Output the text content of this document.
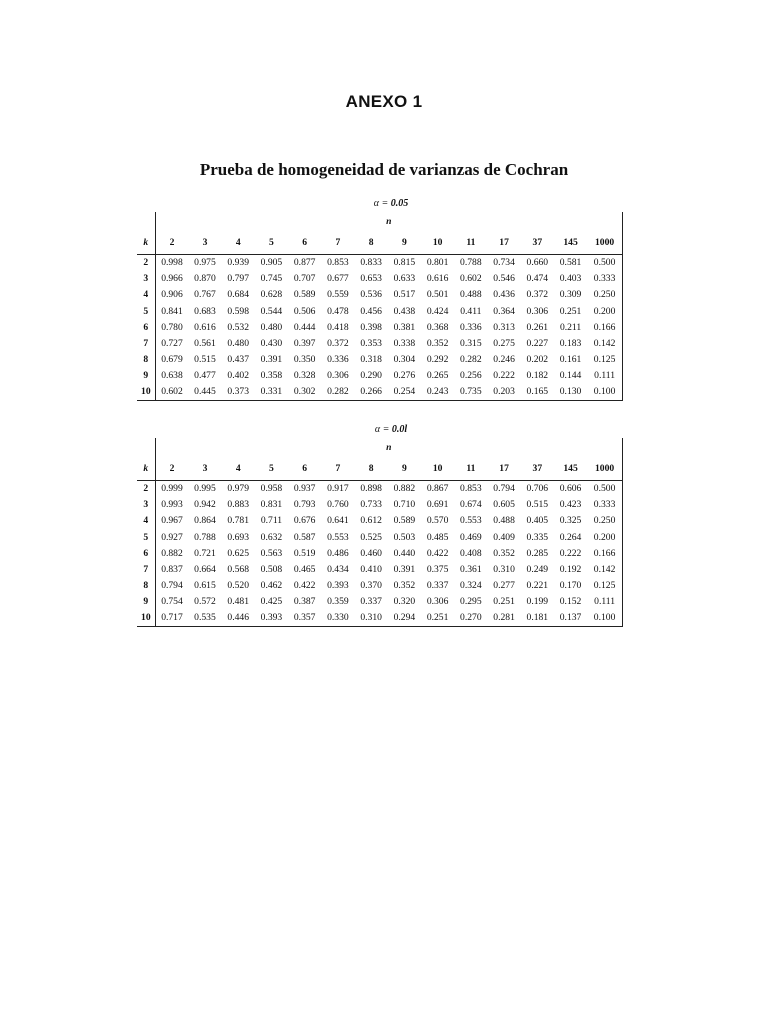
ANEXO 1
Prueba de homogeneidad de varianzas de Cochran
α = 0.05
	n													
k	2	3	4	5	6	7	8	9	10	11	17	37	145	1000
2	0.998	0.975	0.939	0.905	0.877	0.853	0.833	0.815	0.801	0.788	0.734	0.660	0.581	0.500
3	0.966	0.870	0.797	0.745	0.707	0.677	0.653	0.633	0.616	0.602	0.546	0.474	0.403	0.333
4	0.906	0.767	0.684	0.628	0.589	0.559	0.536	0.517	0.501	0.488	0.436	0.372	0.309	0.250
5	0.841	0.683	0.598	0.544	0.506	0.478	0.456	0.438	0.424	0.411	0.364	0.306	0.251	0.200
6	0.780	0.616	0.532	0.480	0.444	0.418	0.398	0.381	0.368	0.336	0.313	0.261	0.211	0.166
7	0.727	0.561	0.480	0.430	0.397	0.372	0.353	0.338	0.352	0.315	0.275	0.227	0.183	0.142
8	0.679	0.515	0.437	0.391	0.350	0.336	0.318	0.304	0.292	0.282	0.246	0.202	0.161	0.125
9	0.638	0.477	0.402	0.358	0.328	0.306	0.290	0.276	0.265	0.256	0.222	0.182	0.144	0.111
10	0.602	0.445	0.373	0.331	0.302	0.282	0.266	0.254	0.243	0.735	0.203	0.165	0.130	0.100
α = 0.0l
	n													
k	2	3	4	5	6	7	8	9	10	11	17	37	145	1000
2	0.999	0.995	0.979	0.958	0.937	0.917	0.898	0.882	0.867	0.853	0.794	0.706	0.606	0.500
3	0.993	0.942	0.883	0.831	0.793	0.760	0.733	0.710	0.691	0.674	0.605	0.515	0.423	0.333
4	0.967	0.864	0.781	0.711	0.676	0.641	0.612	0.589	0.570	0.553	0.488	0.405	0.325	0.250
5	0.927	0.788	0.693	0.632	0.587	0.553	0.525	0.503	0.485	0.469	0.409	0.335	0.264	0.200
6	0.882	0.721	0.625	0.563	0.519	0.486	0.460	0.440	0.422	0.408	0.352	0.285	0.222	0.166
7	0.837	0.664	0.568	0.508	0.465	0.434	0.410	0.391	0.375	0.361	0.310	0.249	0.192	0.142
8	0.794	0.615	0.520	0.462	0.422	0.393	0.370	0.352	0.337	0.324	0.277	0.221	0.170	0.125
9	0.754	0.572	0.481	0.425	0.387	0.359	0.337	0.320	0.306	0.295	0.251	0.199	0.152	0.111
10	0.717	0.535	0.446	0.393	0.357	0.330	0.310	0.294	0.251	0.270	0.281	0.181	0.137	0.100
